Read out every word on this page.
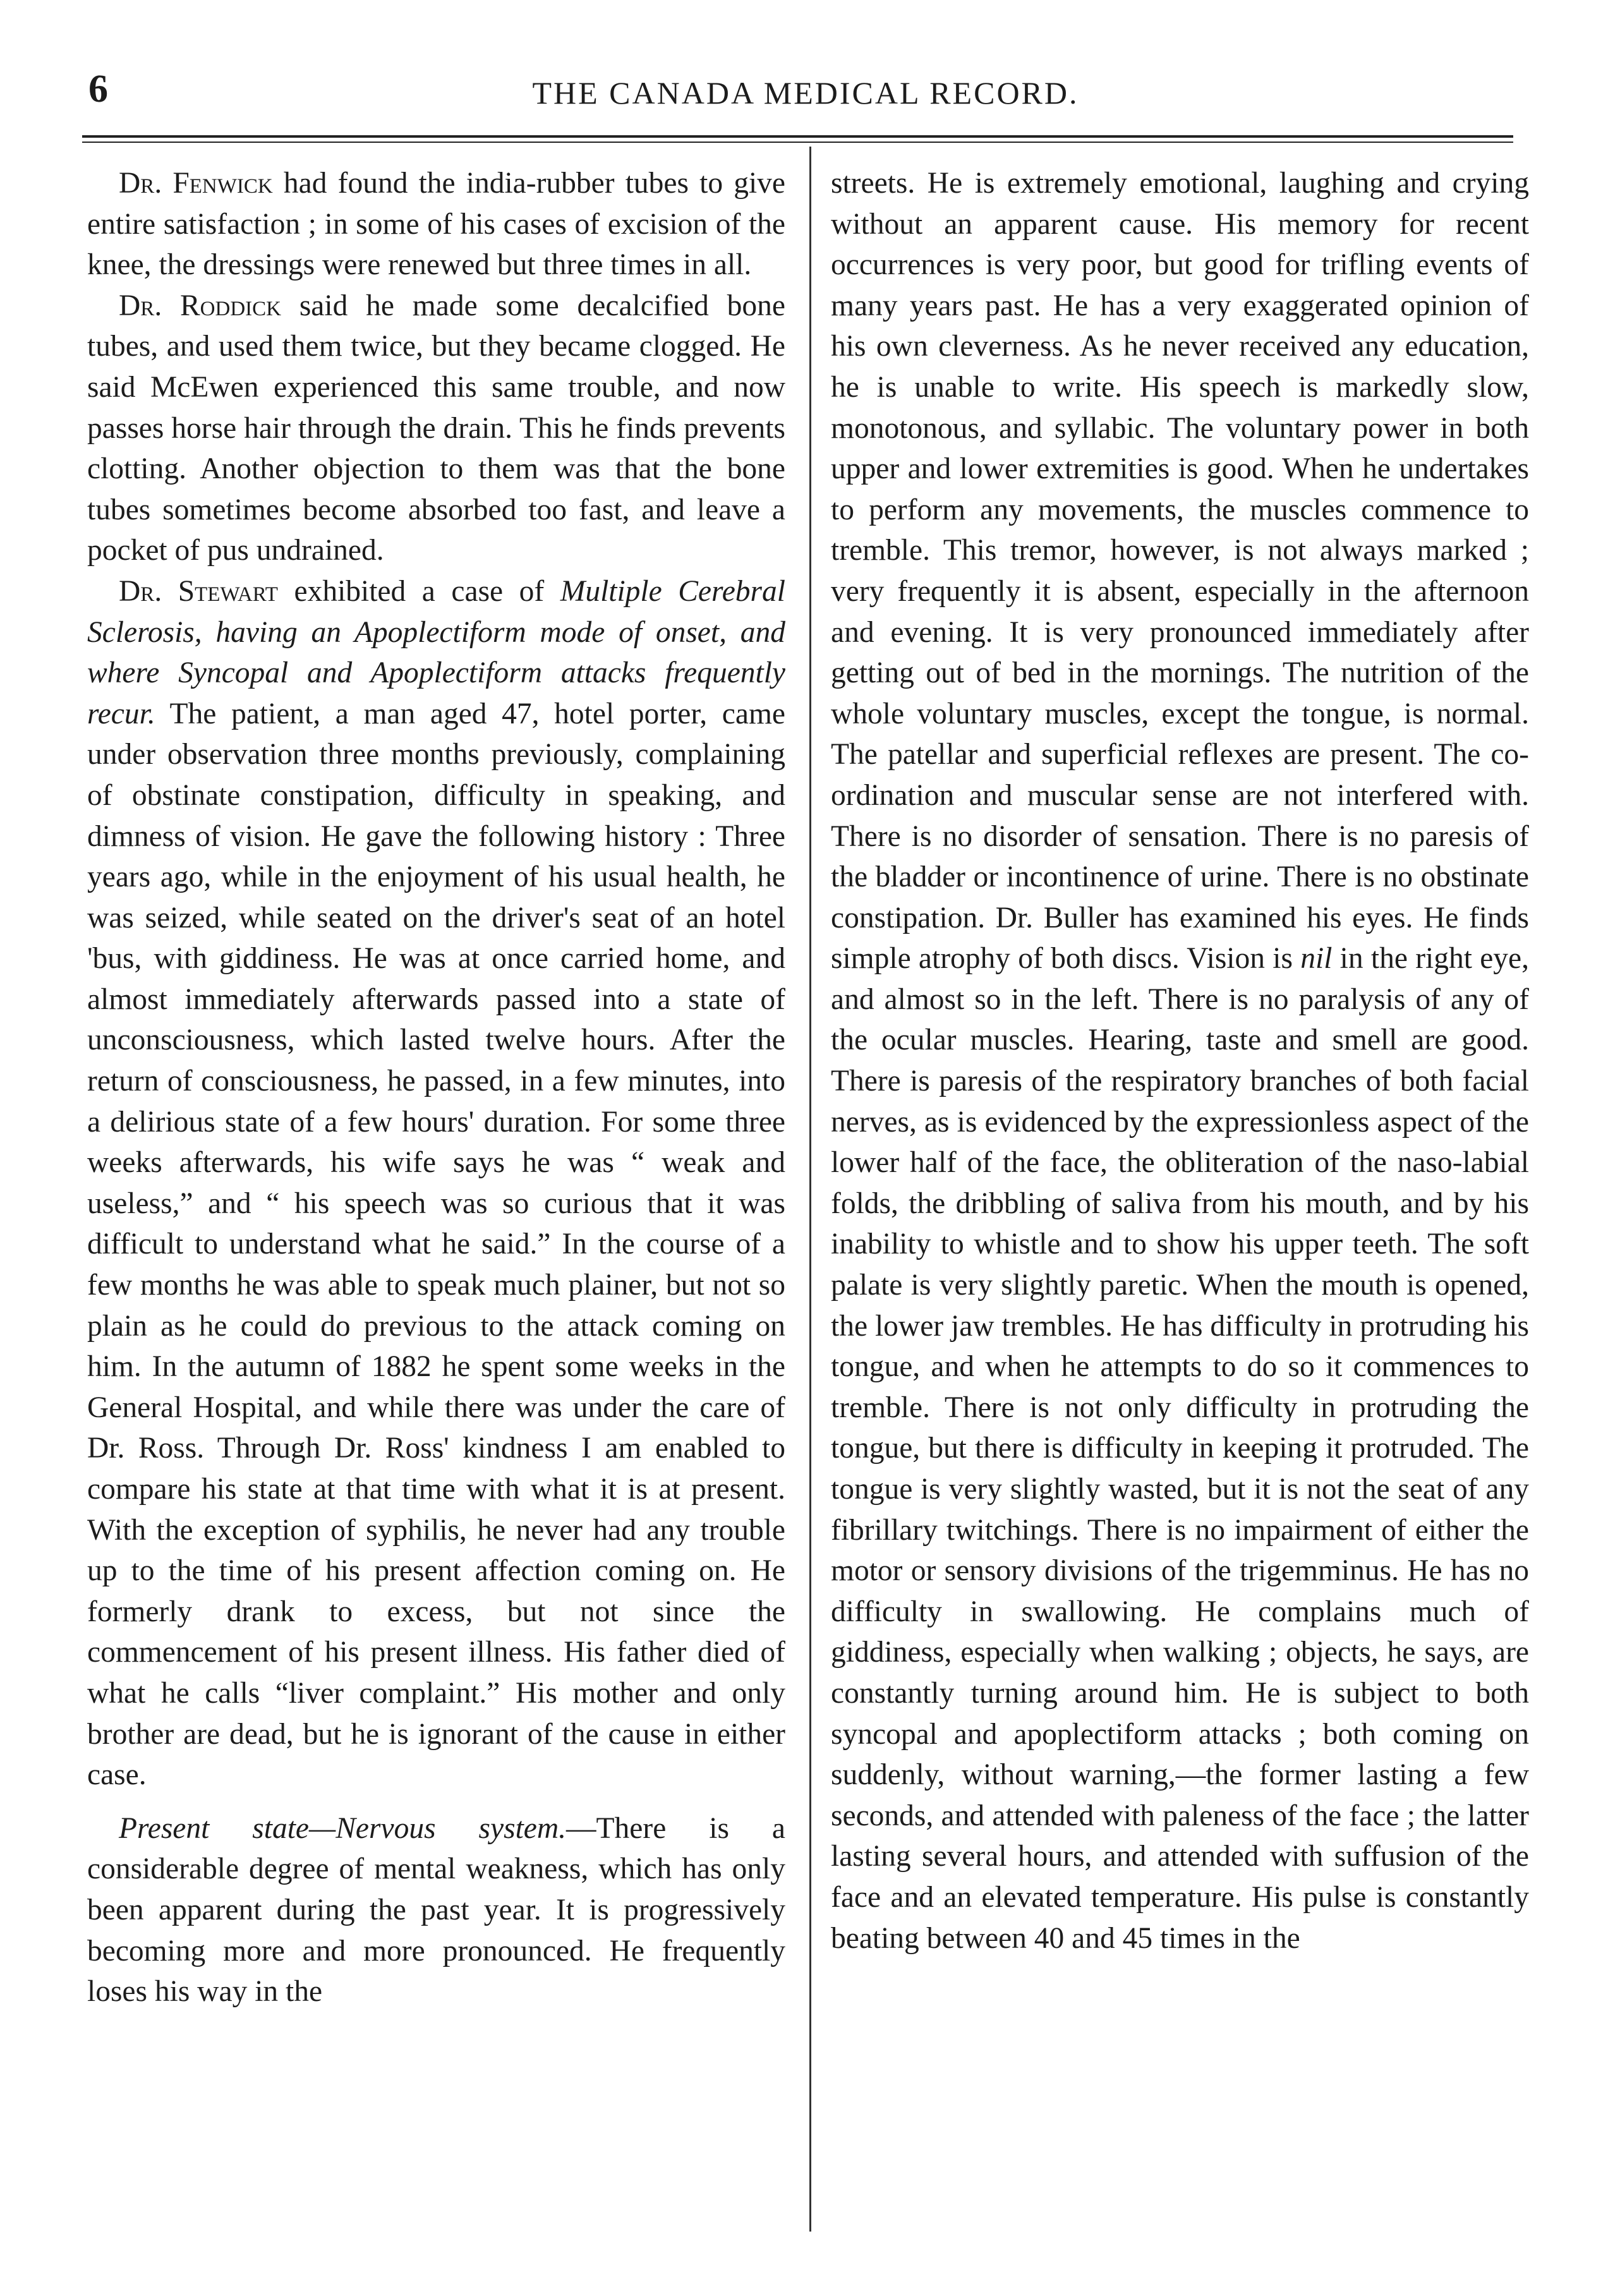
6	THE CANADA MEDICAL RECORD.

Dr. Fenwick had found the india-rubber tubes to give entire satisfaction ; in some of his cases of excision of the knee, the dressings were renewed but three times in all.

Dr. Roddick said he made some decalcified bone tubes, and used them twice, but they became clogged. He said McEwen experienced this same trouble, and now passes horse hair through the drain. This he finds prevents clotting. Another objection to them was that the bone tubes sometimes become absorbed too fast, and leave a pocket of pus undrained.

Dr. Stewart exhibited a case of Multiple Cerebral Sclerosis, having an Apoplectiform mode of onset, and where Syncopal and Apoplectiform attacks frequently recur. The patient, a man aged 47, hotel porter, came under observation three months previously, complaining of obstinate constipation, difficulty in speaking, and dimness of vision. He gave the following history : Three years ago, while in the enjoyment of his usual health, he was seized, while seated on the driver's seat of an hotel 'bus, with giddiness. He was at once carried home, and almost immediately afterwards passed into a state of unconsciousness, which lasted twelve hours. After the return of consciousness, he passed, in a few minutes, into a delirious state of a few hours' duration. For some three weeks afterwards, his wife says he was “ weak and useless,” and “ his speech was so curious that it was difficult to understand what he said.” In the course of a few months he was able to speak much plainer, but not so plain as he could do previous to the attack coming on him. In the autumn of 1882 he spent some weeks in the General Hospital, and while there was under the care of Dr. Ross. Through Dr. Ross' kindness I am enabled to compare his state at that time with what it is at present. With the exception of syphilis, he never had any trouble up to the time of his present affection coming on. He formerly drank to excess, but not since the commencement of his present illness. His father died of what he calls “liver complaint.” His mother and only brother are dead, but he is ignorant of the cause in either case.

Present state—Nervous system.—There is a considerable degree of mental weakness, which has only been apparent during the past year. It is progressively becoming more and more pronounced. He frequently loses his way in the

streets. He is extremely emotional, laughing and crying without an apparent cause. His memory for recent occurrences is very poor, but good for trifling events of many years past. He has a very exaggerated opinion of his own cleverness. As he never received any education, he is unable to write. His speech is markedly slow, monotonous, and syllabic. The voluntary power in both upper and lower extremities is good. When he undertakes to perform any movements, the muscles commence to tremble. This tremor, however, is not always marked ; very frequently it is absent, especially in the afternoon and evening. It is very pronounced immediately after getting out of bed in the mornings. The nutrition of the whole voluntary muscles, except the tongue, is normal. The patellar and superficial reflexes are present. The co-ordination and muscular sense are not interfered with. There is no disorder of sensation. There is no paresis of the bladder or incontinence of urine. There is no obstinate constipation. Dr. Buller has examined his eyes. He finds simple atrophy of both discs. Vision is nil in the right eye, and almost so in the left. There is no paralysis of any of the ocular muscles. Hearing, taste and smell are good. There is paresis of the respiratory branches of both facial nerves, as is evidenced by the expressionless aspect of the lower half of the face, the obliteration of the naso-labial folds, the dribbling of saliva from his mouth, and by his inability to whistle and to show his upper teeth. The soft palate is very slightly paretic. When the mouth is opened, the lower jaw trembles. He has difficulty in protruding his tongue, and when he attempts to do so it commences to tremble. There is not only difficulty in protruding the tongue, but there is difficulty in keeping it protruded. The tongue is very slightly wasted, but it is not the seat of any fibrillary twitchings. There is no impairment of either the motor or sensory divisions of the trigemminus. He has no difficulty in swallowing. He complains much of giddiness, especially when walking ; objects, he says, are constantly turning around him. He is subject to both syncopal and apoplectiform attacks ; both coming on suddenly, without warning,—the former lasting a few seconds, and attended with paleness of the face ; the latter lasting several hours, and attended with suffusion of the face and an elevated temperature. His pulse is constantly beating between 40 and 45 times in the
